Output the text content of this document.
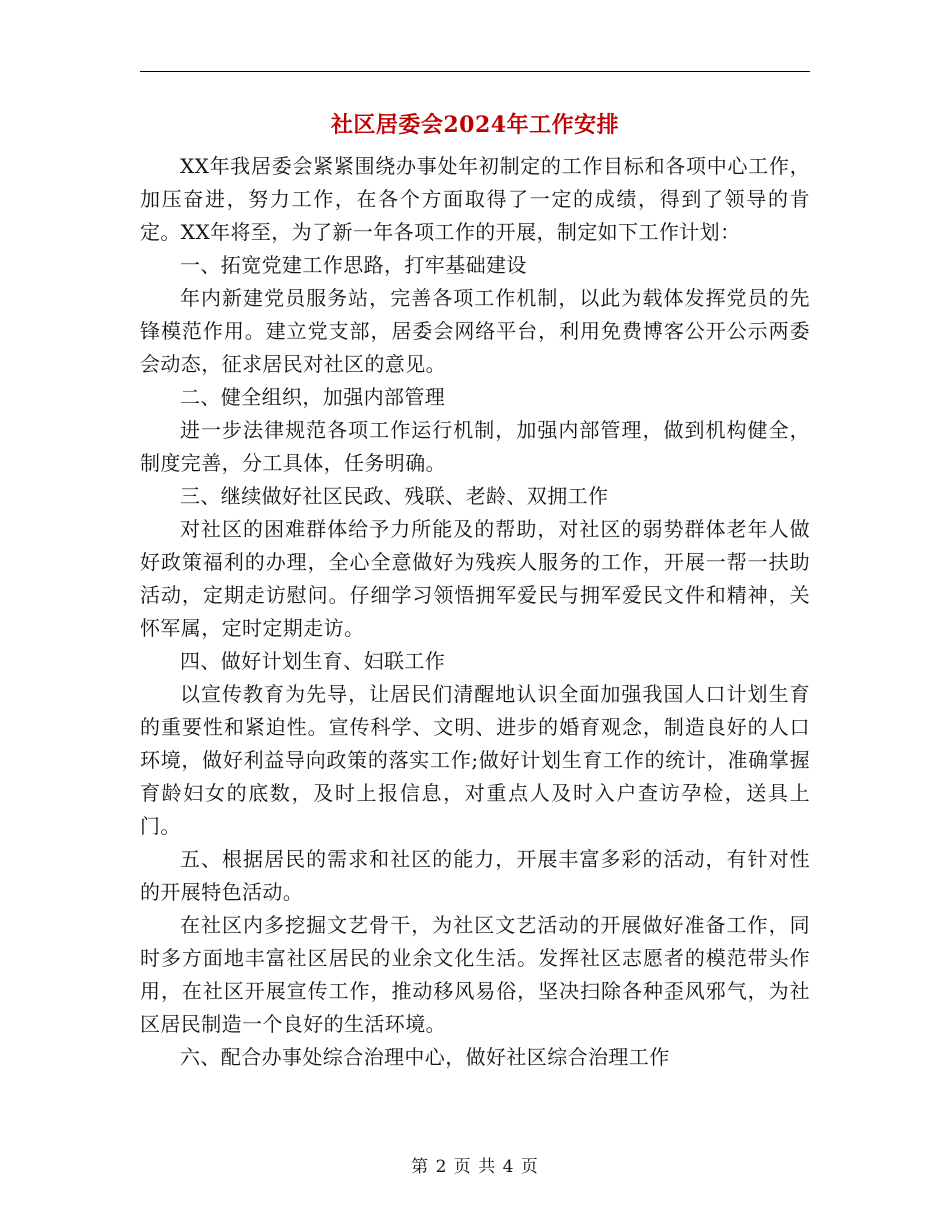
社区居委会2024年工作安排

XX年我居委会紧紧围绕办事处年初制定的工作目标和各项中心工作，加压奋进，努力工作，在各个方面取得了一定的成绩，得到了领导的肯定。XX年将至，为了新一年各项工作的开展，制定如下工作计划：

一、拓宽党建工作思路，打牢基础建设

年内新建党员服务站，完善各项工作机制，以此为载体发挥党员的先锋模范作用。建立党支部，居委会网络平台，利用免费博客公开公示两委会动态，征求居民对社区的意见。

二、健全组织，加强内部管理

进一步法律规范各项工作运行机制，加强内部管理，做到机构健全，制度完善，分工具体，任务明确。

三、继续做好社区民政、残联、老龄、双拥工作

对社区的困难群体给予力所能及的帮助，对社区的弱势群体老年人做好政策福利的办理，全心全意做好为残疾人服务的工作，开展一帮一扶助活动，定期走访慰问。仔细学习领悟拥军爱民与拥军爱民文件和精神，关怀军属，定时定期走访。

四、做好计划生育、妇联工作

以宣传教育为先导，让居民们清醒地认识全面加强我国人口计划生育的重要性和紧迫性。宣传科学、文明、进步的婚育观念，制造良好的人口环境，做好利益导向政策的落实工作;做好计划生育工作的统计，准确掌握育龄妇女的底数，及时上报信息，对重点人及时入户查访孕检，送具上门。

五、根据居民的需求和社区的能力，开展丰富多彩的活动，有针对性的开展特色活动。

在社区内多挖掘文艺骨干，为社区文艺活动的开展做好准备工作，同时多方面地丰富社区居民的业余文化生活。发挥社区志愿者的模范带头作用，在社区开展宣传工作，推动移风易俗，坚决扫除各种歪风邪气，为社区居民制造一个良好的生活环境。

六、配合办事处综合治理中心，做好社区综合治理工作

第 2 页 共 4 页
